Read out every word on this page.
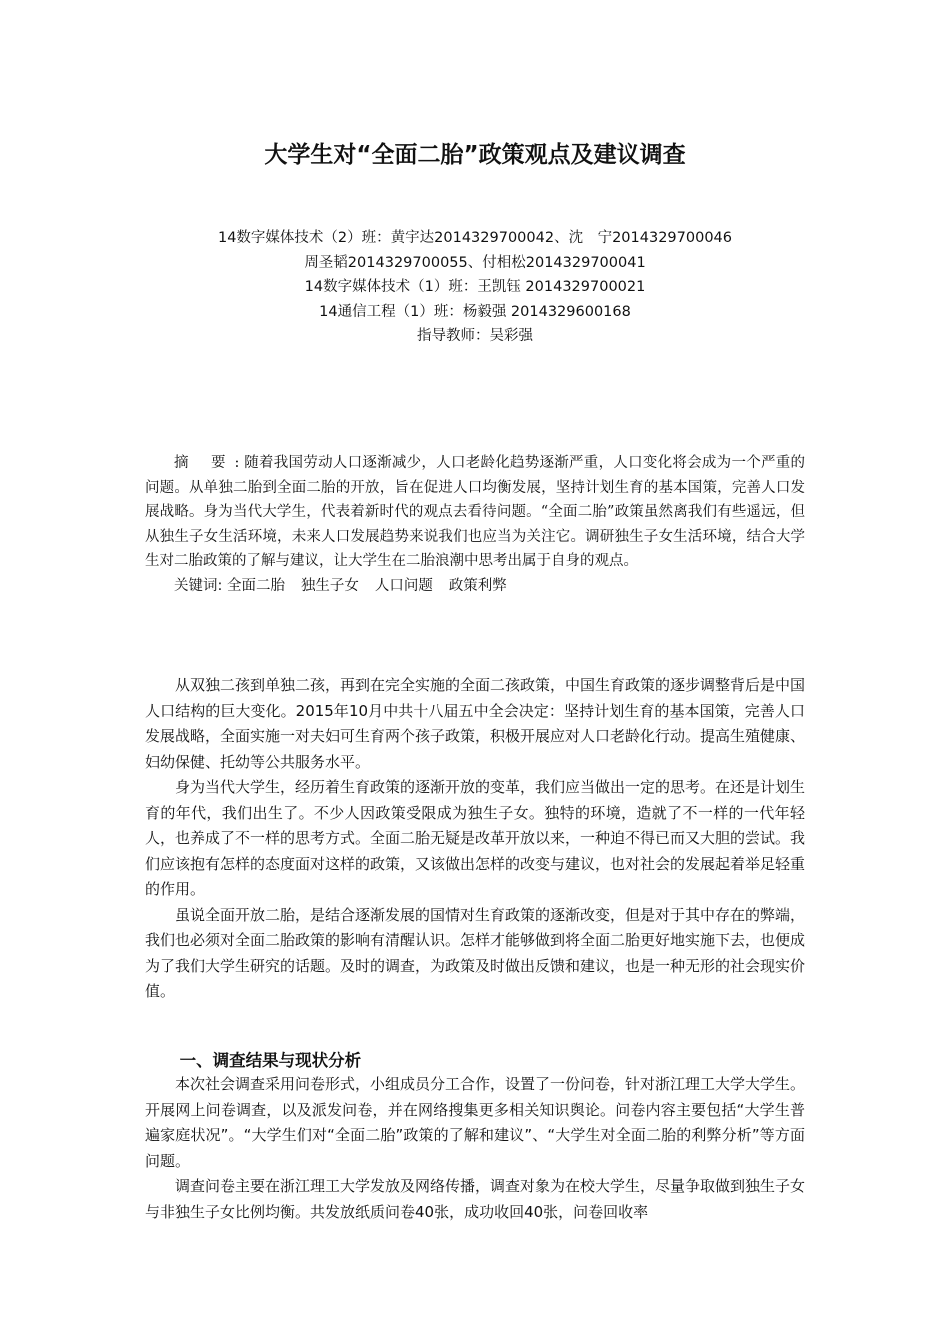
大学生对“全面二胎”政策观点及建议调查
14数字媒体技术（2）班：黄宇达2014329700042、沈　宁2014329700046
周圣韬2014329700055、付相松2014329700041
14数字媒体技术（1）班：王凯钰 2014329700021
14通信工程（1）班：杨毅强 2014329600168
指导教师：吴彩强

摘 要: 随着我国劳动人口逐渐减少，人口老龄化趋势逐渐严重，人口变化将会成为一个严重的问题。从单独二胎到全面二胎的开放，旨在促进人口均衡发展，坚持计划生育的基本国策，完善人口发展战略。身为当代大学生，代表着新时代的观点去看待问题。“全面二胎”政策虽然离我们有些遥远，但从独生子女生活环境，未来人口发展趋势来说我们也应当为关注它。调研独生子女生活环境，结合大学生对二胎政策的了解与建议，让大学生在二胎浪潮中思考出属于自身的观点。

关键词: 全面二胎 独生子女 人口问题 政策利弊

从双独二孩到单独二孩，再到在完全实施的全面二孩政策，中国生育政策的逐步调整背后是中国人口结构的巨大变化。2015年10月中共十八届五中全会决定：坚持计划生育的基本国策，完善人口发展战略，全面实施一对夫妇可生育两个孩子政策，积极开展应对人口老龄化行动。提高生殖健康、妇幼保健、托幼等公共服务水平。

身为当代大学生，经历着生育政策的逐渐开放的变革，我们应当做出一定的思考。在还是计划生育的年代，我们出生了。不少人因政策受限成为独生子女。独特的环境，造就了不一样的一代年轻人，也养成了不一样的思考方式。全面二胎无疑是改革开放以来，一种迫不得已而又大胆的尝试。我们应该抱有怎样的态度面对这样的政策，又该做出怎样的改变与建议，也对社会的发展起着举足轻重的作用。

虽说全面开放二胎，是结合逐渐发展的国情对生育政策的逐渐改变，但是对于其中存在的弊端，我们也必须对全面二胎政策的影响有清醒认识。怎样才能够做到将全面二胎更好地实施下去，也便成为了我们大学生研究的话题。及时的调查，为政策及时做出反馈和建议，也是一种无形的社会现实价值。

一、调查结果与现状分析

本次社会调查采用问卷形式，小组成员分工合作，设置了一份问卷，针对浙江理工大学大学生。开展网上问卷调查，以及派发问卷，并在网络搜集更多相关知识舆论。问卷内容主要包括“大学生普遍家庭状况”。“大学生们对“全面二胎”政策的了解和建议”、“大学生对全面二胎的利弊分析”等方面问题。

调查问卷主要在浙江理工大学发放及网络传播，调查对象为在校大学生，尽量争取做到独生子女与非独生子女比例均衡。共发放纸质问卷40张，成功收回40张，问卷回收率
